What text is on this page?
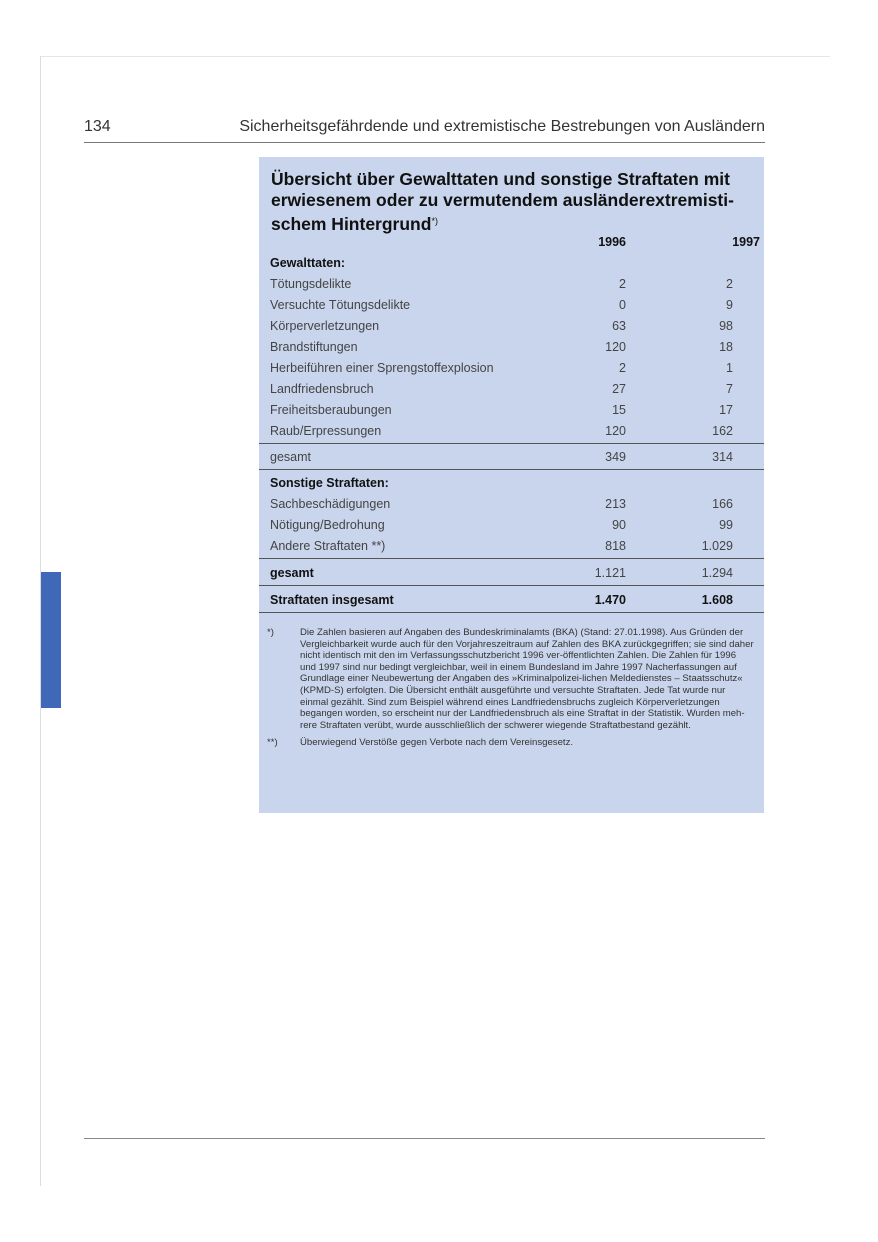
134	Sicherheitsgefährdende und extremistische Bestrebungen von Ausländern
Übersicht über Gewalttaten und sonstige Straftaten mit erwiesenem oder zu vermutendem ausländerextremisti-schem Hintergrund*)
1996	1997
Gewalttaten:
Tötungsdelikte	2	2
Versuchte Tötungsdelikte	0	9
Körperverletzungen	63	98
Brandstiftungen	120	18
Herbeiführen einer Sprengstoffexplosion	2	1
Landfriedensbruch	27	7
Freiheitsberaubungen	15	17
Raub/Erpressungen	120	162
gesamt	349	314
Sonstige Straftaten:
Sachbeschädigungen	213	166
Nötigung/Bedrohung	90	99
Andere Straftaten **)	818	1.029
gesamt	1.121	1.294
Straftaten insgesamt	1.470	1.608
*)	Die Zahlen basieren auf Angaben des Bundeskriminalamts (BKA) (Stand: 27.01.1998). Aus Gründen der Vergleichbarkeit wurde auch für den Vorjahreszeitraum auf Zahlen des BKA zurückgegriffen; sie sind daher nicht identisch mit den im Verfassungsschutzbericht 1996 ver-öffentlichten Zahlen. Die Zahlen für 1996 und 1997 sind nur bedingt vergleichbar, weil in einem Bundesland im Jahre 1997 Nacherfassungen auf Grundlage einer Neubewertung der Angaben des »Kriminalpolizei-lichen Meldedienstes – Staatsschutz« (KPMD-S) erfolgten. Die Übersicht enthält ausgeführte und versuchte Straftaten. Jede Tat wurde nur einmal gezählt. Sind zum Beispiel während eines Landfriedensbruchs zugleich Körperverletzungen begangen worden, so erscheint nur der Landfriedensbruch als eine Straftat in der Statistik. Wurden meh-rere Straftaten verübt, wurde ausschließlich der schwerer wiegende Straftatbestand gezählt.

**) Überwiegend Verstöße gegen Verbote nach dem Vereinsgesetz.
